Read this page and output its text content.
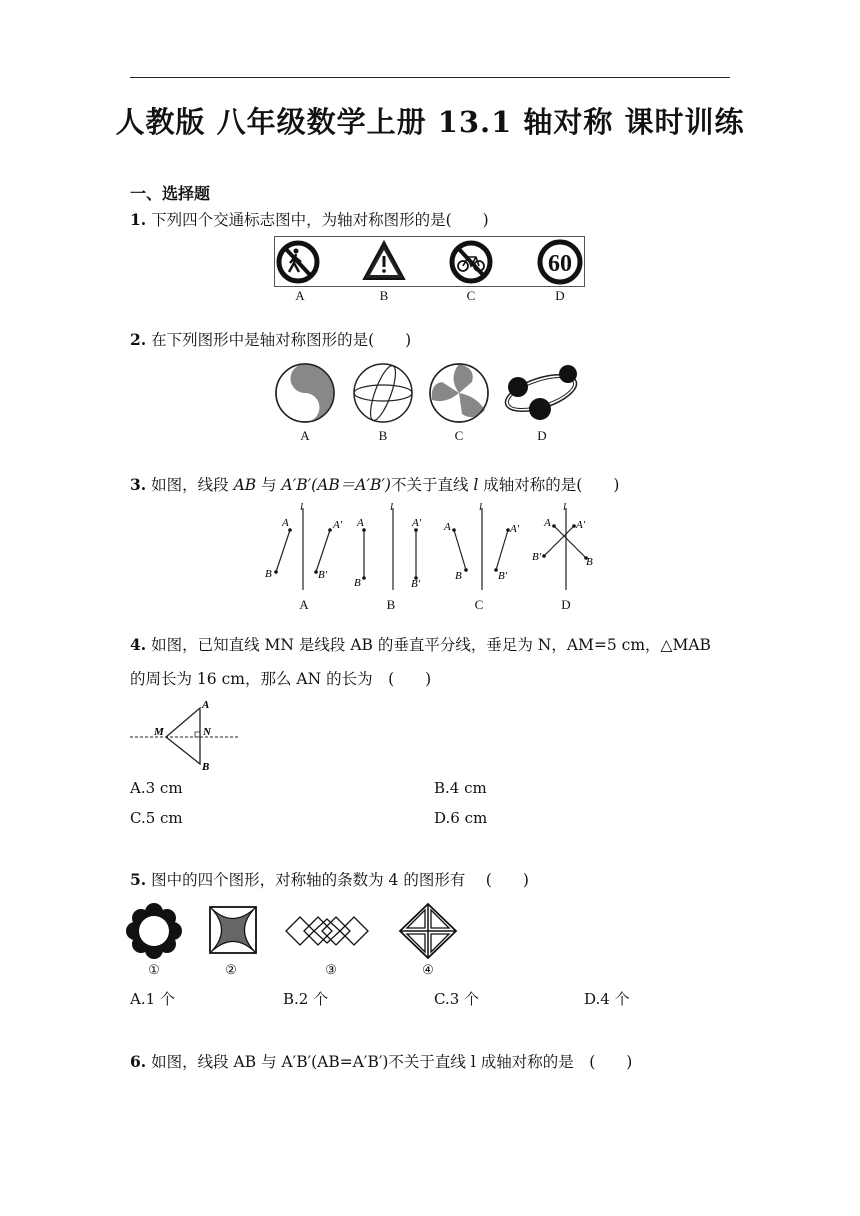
人教版 八年级数学上册 13.1 轴对称 课时训练
一、选择题
1. 下列四个交通标志图中，为轴对称图形的是(　　)
60
A	B	C	D
2. 在下列图形中是轴对称图形的是(　　)
A	B	C	D
3. 如图，线段 AB 与 A′B′(AB＝A′B′)不关于直线 l 成轴对称的是(　　)
l
A
B
A′
B′
l
A
B
A′
B′
l
A
B
A′
B′
l
A
B
A′
B′
A	B	C	D
4. 如图，已知直线 MN 是线段 AB 的垂直平分线，垂足为 N，AM=5 cm，△MAB
的周长为 16 cm，那么 AN 的长为　(　　)
M
A
N
B
A.3 cm	B.4 cm
C.5 cm	D.6 cm
5. 图中的四个图形，对称轴的条数为 4 的图形有　 (　　)
①	②	③	④
A.1 个	B.2 个	C.3 个	D.4 个
6. 如图，线段 AB 与 A′B′(AB=A′B′)不关于直线 l 成轴对称的是　(　　)
